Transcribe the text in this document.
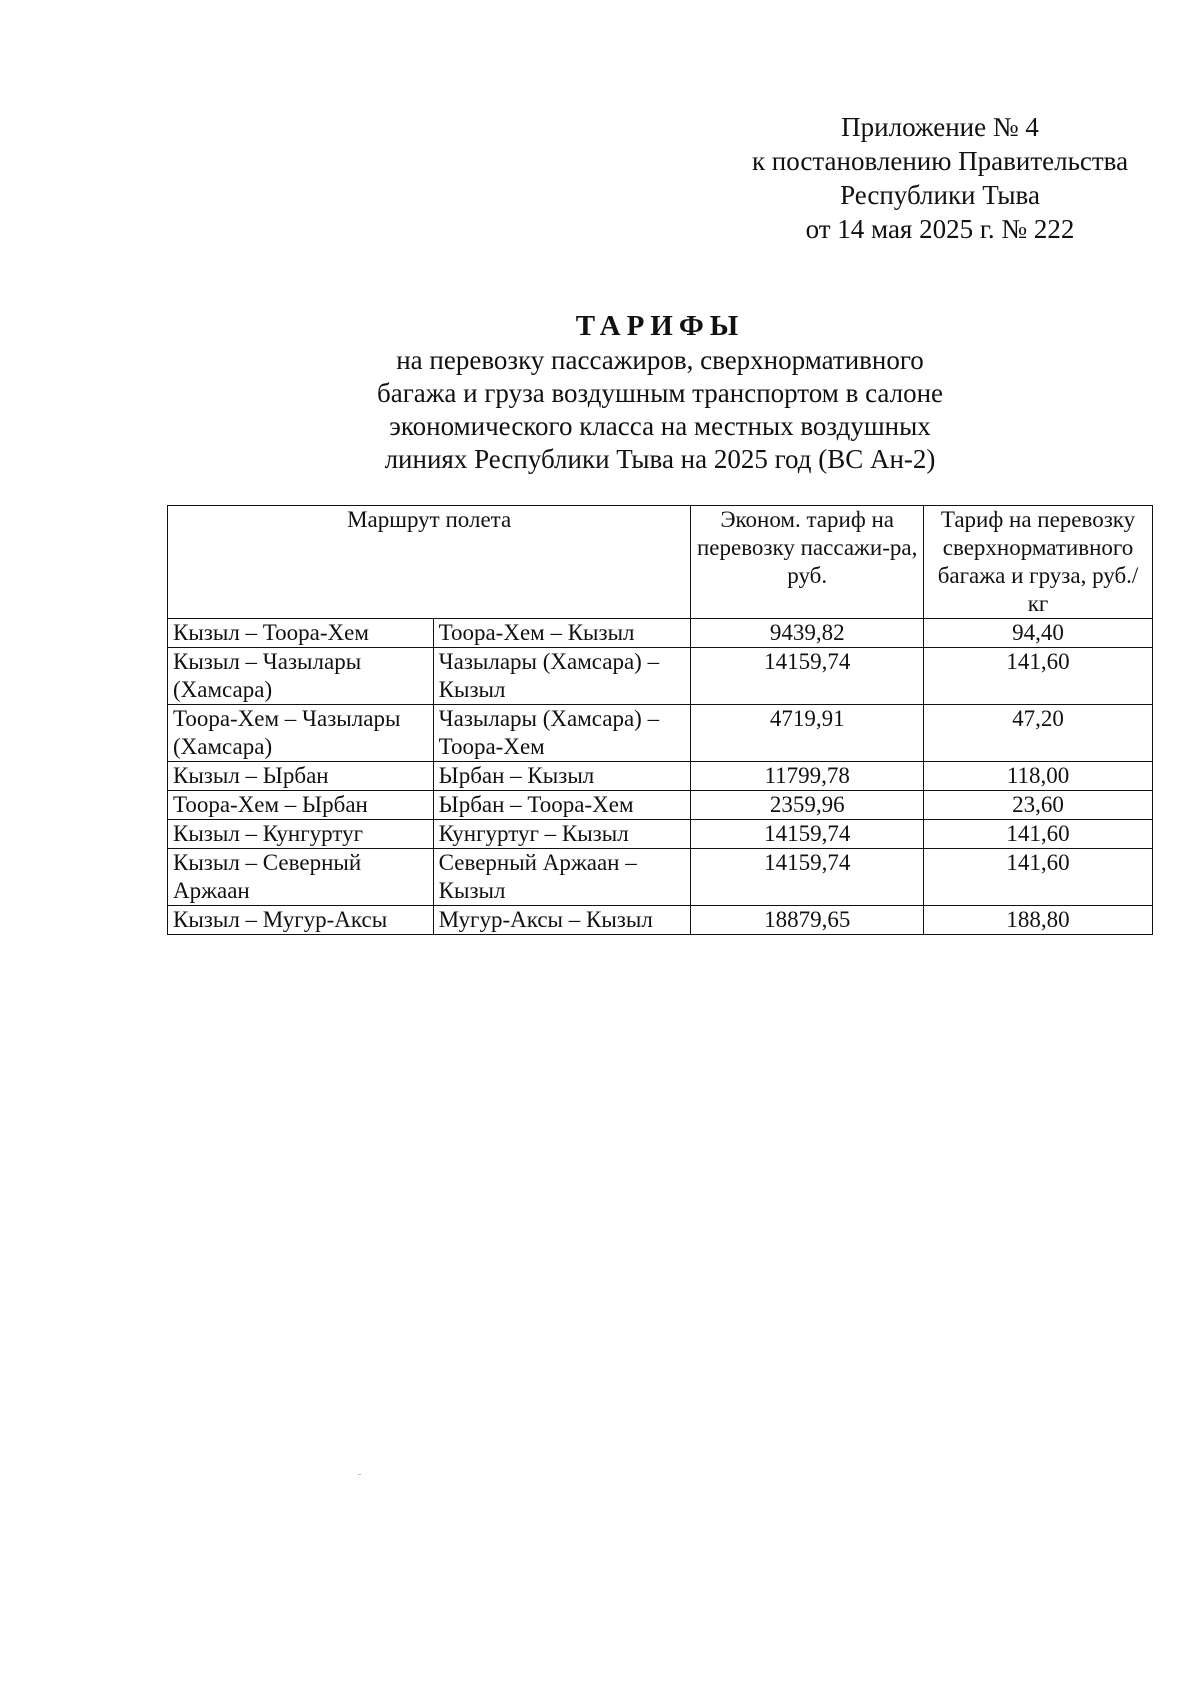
Приложение № 4
к постановлению Правительства
Республики Тыва
от 14 мая 2025 г. № 222
ТАРИФЫ
на перевозку пассажиров, сверхнормативного
багажа и груза воздушным транспортом в салоне
экономического класса на местных воздушных
линиях Республики Тыва на 2025 год (ВС Ан-2)
Маршрут полета		Эконом. тариф на перевозку пассажи-ра, руб.	Тариф на перевозку сверхнормативного багажа и груза, руб./кг
Кызыл – Тоора-Хем	Тоора-Хем – Кызыл	9439,82	94,40
Кызыл – Чазылары (Хамсара)	Чазылары (Хамсара) – Кызыл	14159,74	141,60
Тоора-Хем – Чазылары (Хамсара)	Чазылары (Хамсара) – Тоора-Хем	4719,91	47,20
Кызыл – Ырбан	Ырбан – Кызыл	11799,78	118,00
Тоора-Хем – Ырбан	Ырбан – Тоора-Хем	2359,96	23,60
Кызыл – Кунгуртуг	Кунгуртуг – Кызыл	14159,74	141,60
Кызыл – Северный Аржаан	Северный Аржаан – Кызыл	14159,74	141,60
Кызыл – Мугур-Аксы	Мугур-Аксы – Кызыл	18879,65	188,80
